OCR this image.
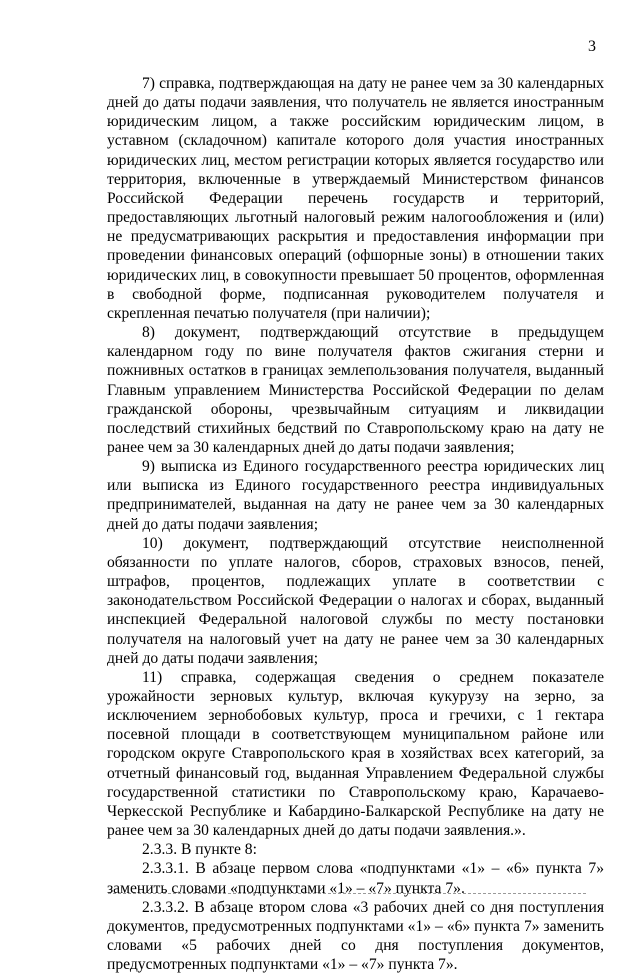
3

7) справка, подтверждающая на дату не ранее чем за 30 календарных дней до даты подачи заявления, что получатель не является иностранным юридическим лицом, а также российским юридическим лицом, в уставном (складочном) капитале которого доля участия иностранных юридических лиц, местом регистрации которых является государство или территория, включенные в утверждаемый Министерством финансов Российской Федерации перечень государств и территорий, предоставляющих льготный налоговый режим налогообложения и (или) не предусматривающих раскрытия и предоставления информации при проведении финансовых операций (офшорные зоны) в отношении таких юридических лиц, в совокупности превышает 50 процентов, оформленная в свободной форме, подписанная руководителем получателя и скрепленная печатью получателя (при наличии);

8) документ, подтверждающий отсутствие в предыдущем календарном году по вине получателя фактов сжигания стерни и пожнивных остатков в границах землепользования получателя, выданный Главным управлением Министерства Российской Федерации по делам гражданской обороны, чрезвычайным ситуациям и ликвидации последствий стихийных бедствий по Ставропольскому краю на дату не ранее чем за 30 календарных дней до даты подачи заявления;

9) выписка из Единого государственного реестра юридических лиц или выписка из Единого государственного реестра индивидуальных предпринимателей, выданная на дату не ранее чем за 30 календарных дней до даты подачи заявления;

10) документ, подтверждающий отсутствие неисполненной обязанности по уплате налогов, сборов, страховых взносов, пеней, штрафов, процентов, подлежащих уплате в соответствии с законодательством Российской Федерации о налогах и сборах, выданный инспекцией Федеральной налоговой службы по месту постановки получателя на налоговый учет на дату не ранее чем за 30 календарных дней до даты подачи заявления;

11) справка, содержащая сведения о среднем показателе урожайности зерновых культур, включая кукурузу на зерно, за исключением зернобобовых культур, проса и гречихи, с 1 гектара посевной площади в соответствующем муниципальном районе или городском округе Ставропольского края в хозяйствах всех категорий, за отчетный финансовый год, выданная Управлением Федеральной службы государственной статистики по Ставропольскому краю, Карачаево-Черкесской Республике и Кабардино-Балкарской Республике на дату не ранее чем за 30 календарных дней до даты подачи заявления.».

2.3.3. В пункте 8:

2.3.3.1. В абзаце первом слова «подпунктами «1» – «6» пункта 7» заменить словами «подпунктами «1» – «7» пункта 7».

2.3.3.2. В абзаце втором слова «3 рабочих дней со дня поступления документов, предусмотренных подпунктами «1» – «6» пункта 7» заменить словами «5 рабочих дней со дня поступления документов, предусмотренных подпунктами «1» – «7» пункта 7».
